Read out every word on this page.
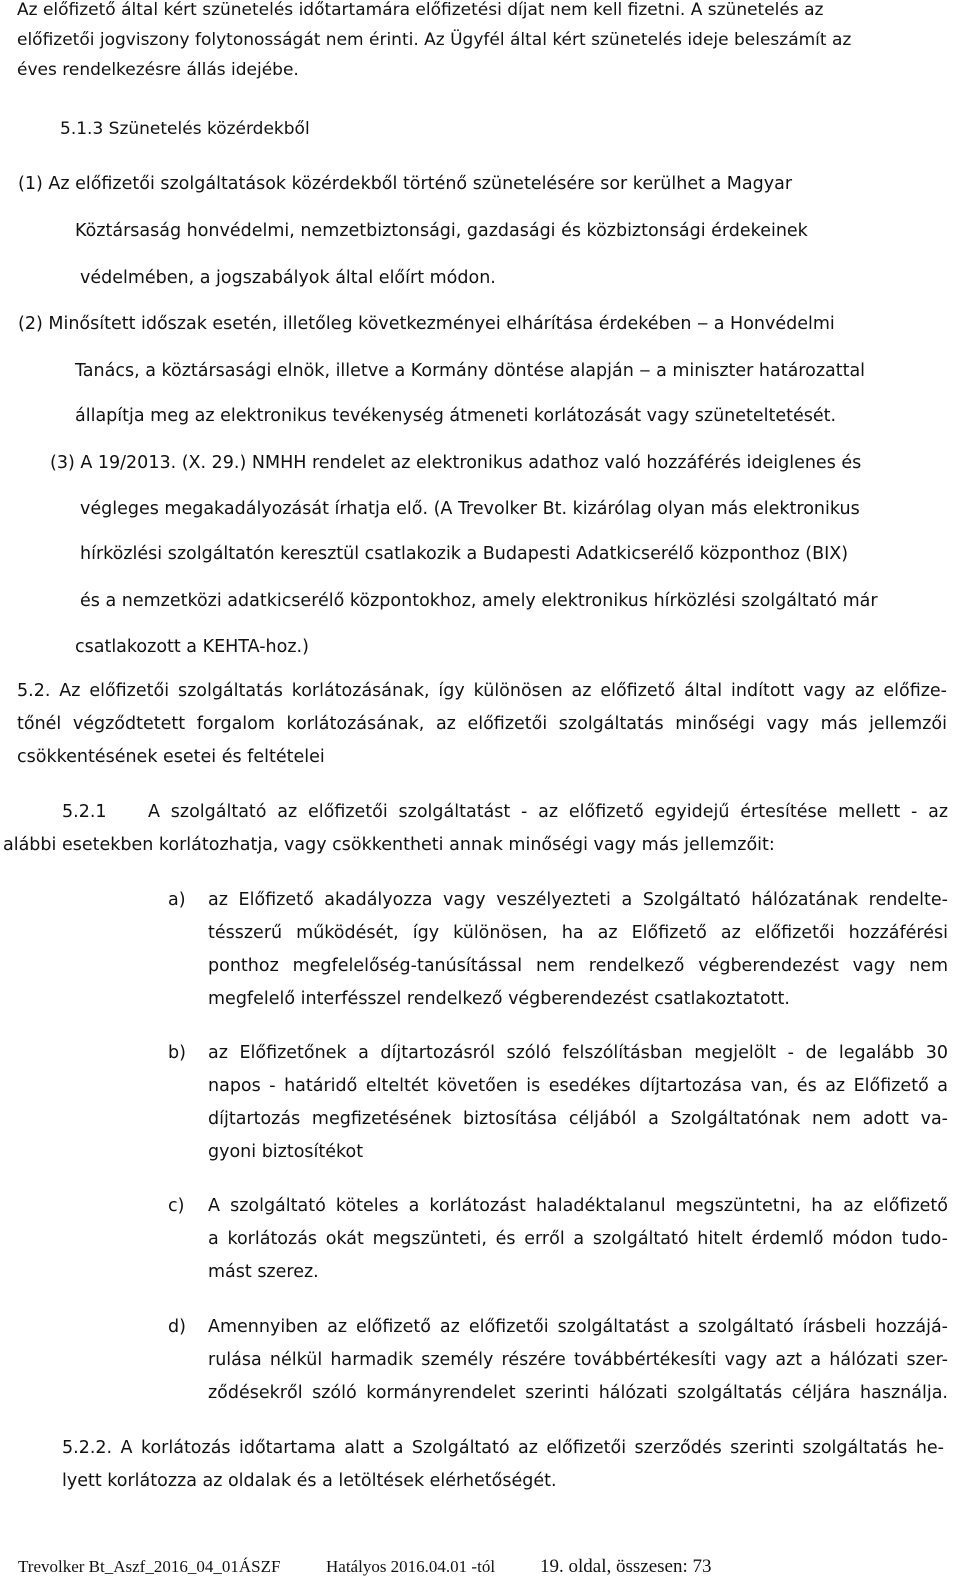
Az előfizető által kért szünetelés időtartamára előfizetési díjat nem kell fizetni. A szünetelés az
előfizetői jogviszony folytonosságát nem érinti. Az Ügyfél által kért szünetelés ideje beleszámít az
éves rendelkezésre állás idejébe.
5.1.3 Szünetelés közérdekből
(1) Az előfizetői szolgáltatások közérdekből történő szünetelésére sor kerülhet a Magyar
Köztársaság honvédelmi, nemzetbiztonsági, gazdasági és közbiztonsági érdekeinek
védelmében, a jogszabályok által előírt módon.
(2) Minősített időszak esetén, illetőleg következményei elhárítása érdekében ‒ a Honvédelmi
Tanács, a köztársasági elnök, illetve a Kormány döntése alapján ‒ a miniszter határozattal
állapítja meg az elektronikus tevékenység átmeneti korlátozását vagy szüneteltetését.
(3) A 19/2013. (X. 29.) NMHH rendelet az elektronikus adathoz való hozzáférés ideiglenes és
végleges megakadályozását írhatja elő. (A Trevolker Bt. kizárólag olyan más elektronikus
hírközlési szolgáltatón keresztül csatlakozik a Budapesti Adatkicserélő központhoz (BIX)
és a nemzetközi adatkicserélő központokhoz, amely elektronikus hírközlési szolgáltató már
csatlakozott a KEHTA-hoz.)
5.2. Az előfizetői szolgáltatás korlátozásának, így különösen az előfizető által indított vagy az előfize-
tőnél végződtetett forgalom korlátozásának, az előfizetői szolgáltatás minőségi vagy más jellemzői
csökkentésének esetei és feltételei
5.2.1 A szolgáltató az előfizetői szolgáltatást - az előfizető egyidejű értesítése mellett - az
alábbi esetekben korlátozhatja, vagy csökkentheti annak minőségi vagy más jellemzőit:
a) az Előfizető akadályozza vagy veszélyezteti a Szolgáltató hálózatának rendelte-
tésszerű működését, így különösen, ha az Előfizető az előfizetői hozzáférési
ponthoz megfelelőség-tanúsítással nem rendelkező végberendezést vagy nem
megfelelő interfésszel rendelkező végberendezést csatlakoztatott.
b) az Előfizetőnek a díjtartozásról szóló felszólításban megjelölt - de legalább 30
napos - határidő elteltét követően is esedékes díjtartozása van, és az Előfizető a
díjtartozás megfizetésének biztosítása céljából a Szolgáltatónak nem adott va-
gyoni biztosítékot
c) A szolgáltató köteles a korlátozást haladéktalanul megszüntetni, ha az előfizető
a korlátozás okát megszünteti, és erről a szolgáltató hitelt érdemlő módon tudo-
mást szerez.
d) Amennyiben az előfizető az előfizetői szolgáltatást a szolgáltató írásbeli hozzájá-
rulása nélkül harmadik személy részére továbbértékesíti vagy azt a hálózati szer-
ződésekről szóló kormányrendelet szerinti hálózati szolgáltatás céljára használja.
5.2.2. A korlátozás időtartama alatt a Szolgáltató az előfizetői szerződés szerinti szolgáltatás he-
lyett korlátozza az oldalak és a letöltések elérhetőségét.
Trevolker Bt_Aszf_2016_04_01ÁSZF	Hatályos 2016.04.01 -tól 19. oldal, összesen: 73
